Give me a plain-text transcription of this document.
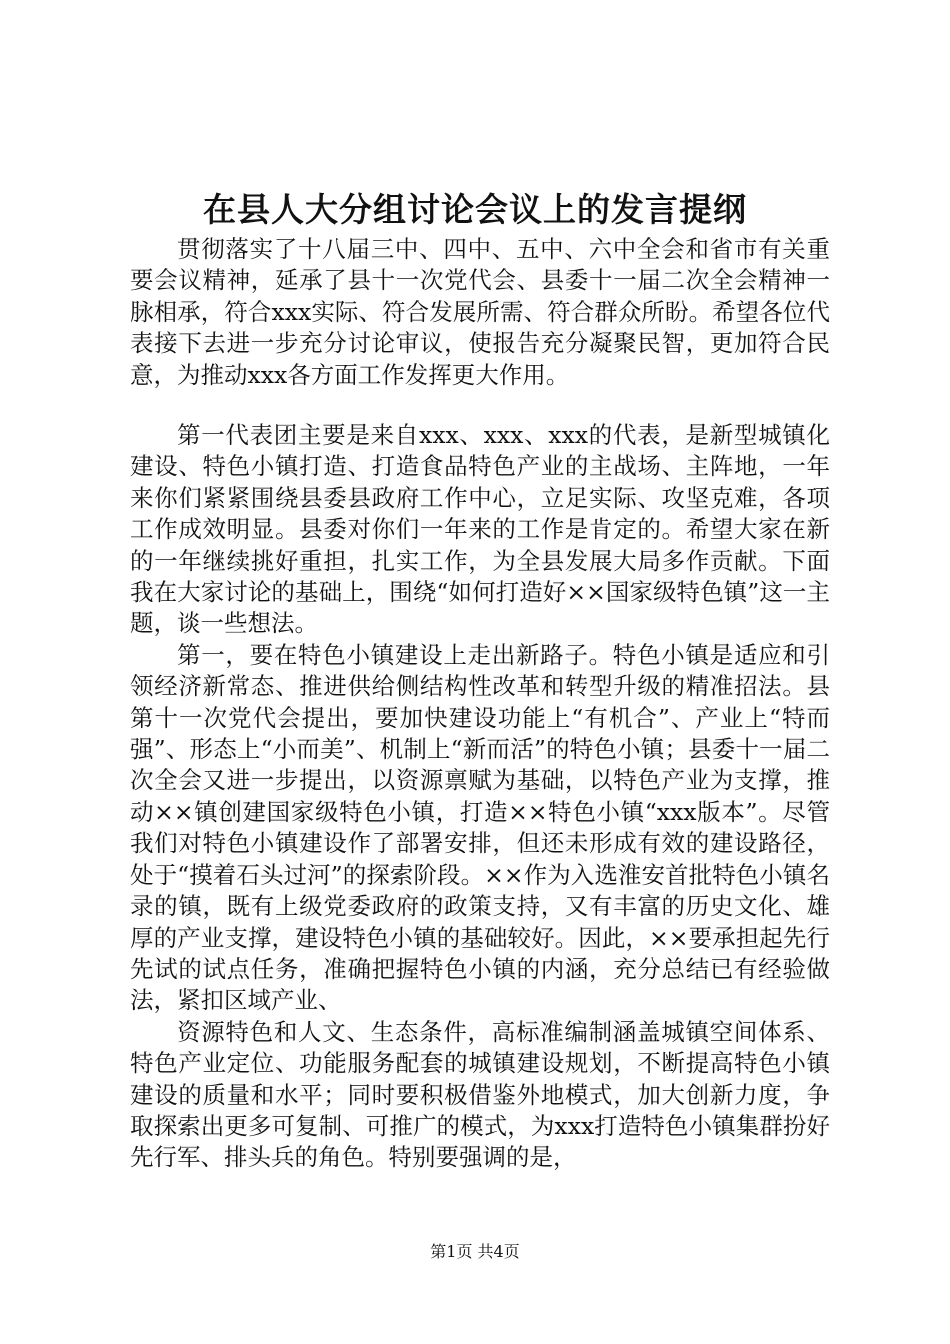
在县人大分组讨论会议上的发言提纲

贯彻落实了十八届三中、四中、五中、六中全会和省市有关重要会议精神，延承了县十一次党代会、县委十一届二次全会精神一脉相承，符合xxx实际、符合发展所需、符合群众所盼。希望各位代表接下去进一步充分讨论审议，使报告充分凝聚民智，更加符合民意，为推动xxx各方面工作发挥更大作用。

第一代表团主要是来自xxx、xxx、xxx的代表，是新型城镇化建设、特色小镇打造、打造食品特色产业的主战场、主阵地，一年来你们紧紧围绕县委县政府工作中心，立足实际、攻坚克难，各项工作成效明显。县委对你们一年来的工作是肯定的。希望大家在新的一年继续挑好重担，扎实工作，为全县发展大局多作贡献。下面我在大家讨论的基础上，围绕“如何打造好××国家级特色镇”这一主题，谈一些想法。

第一，要在特色小镇建设上走出新路子。特色小镇是适应和引领经济新常态、推进供给侧结构性改革和转型升级的精准招法。县第十一次党代会提出，要加快建设功能上“有机合”、产业上“特而强”、形态上“小而美”、机制上“新而活”的特色小镇；县委十一届二次全会又进一步提出，以资源禀赋为基础，以特色产业为支撑，推动××镇创建国家级特色小镇，打造××特色小镇“xxx版本”。尽管我们对特色小镇建设作了部署安排，但还未形成有效的建设路径，处于“摸着石头过河”的探索阶段。××作为入选淮安首批特色小镇名录的镇，既有上级党委政府的政策支持，又有丰富的历史文化、雄厚的产业支撑，建设特色小镇的基础较好。因此，××要承担起先行先试的试点任务，准确把握特色小镇的内涵，充分总结已有经验做法，紧扣区域产业、

资源特色和人文、生态条件，高标准编制涵盖城镇空间体系、特色产业定位、功能服务配套的城镇建设规划，不断提高特色小镇建设的质量和水平；同时要积极借鉴外地模式，加大创新力度，争取探索出更多可复制、可推广的模式，为xxx打造特色小镇集群扮好先行军、排头兵的角色。特别要强调的是，

第1页 共4页
